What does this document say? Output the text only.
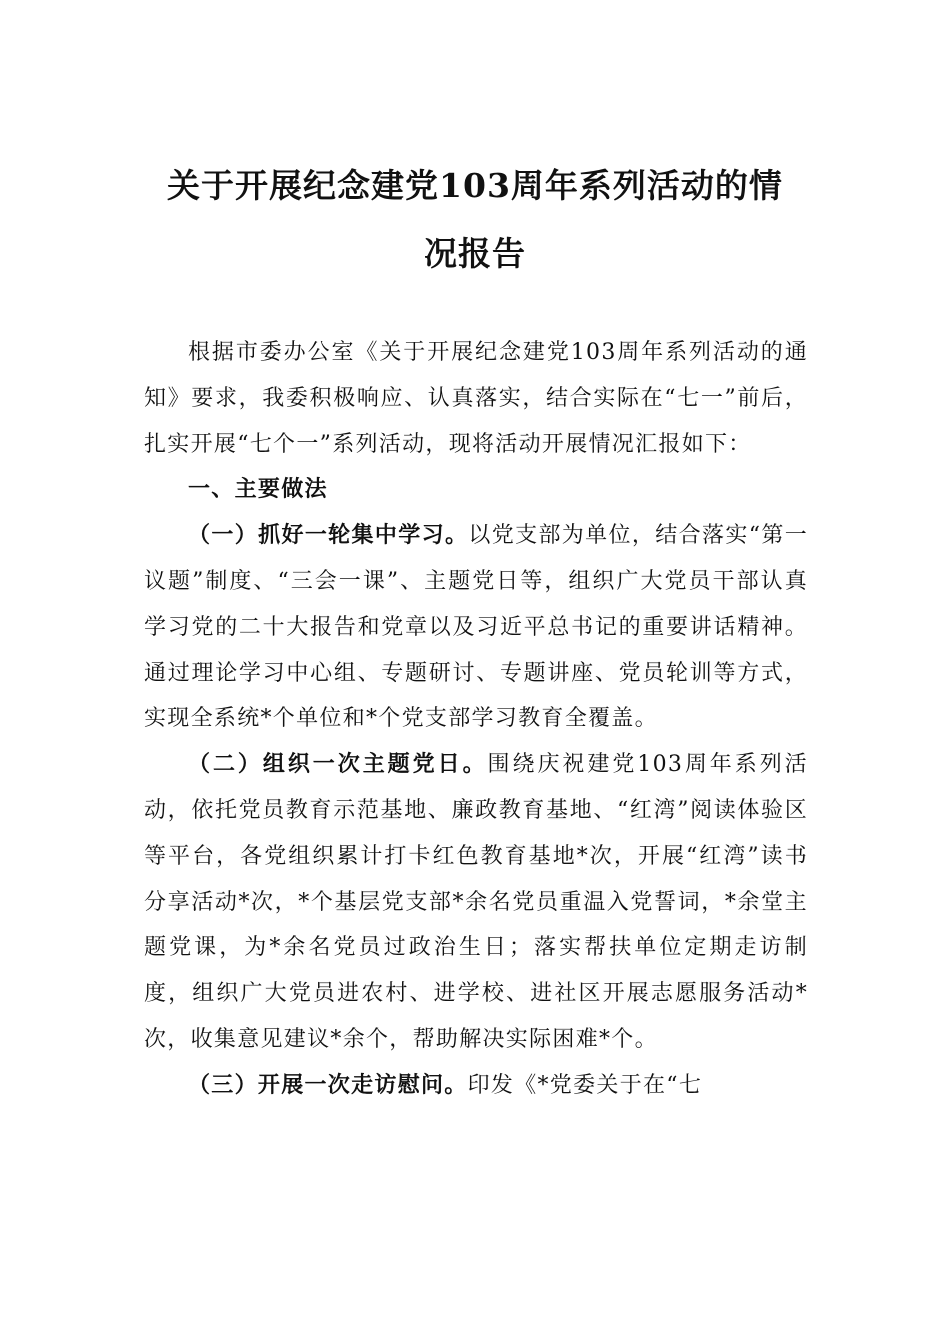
关于开展纪念建党103周年系列活动的情
况报告

根据市委办公室《关于开展纪念建党103周年系列活动的通知》要求，我委积极响应、认真落实，结合实际在“七一”前后，扎实开展“七个一”系列活动，现将活动开展情况汇报如下：

一、主要做法

（一）抓好一轮集中学习。以党支部为单位，结合落实“第一议题”制度、“三会一课”、主题党日等，组织广大党员干部认真学习党的二十大报告和党章以及习近平总书记的重要讲话精神。通过理论学习中心组、专题研讨、专题讲座、党员轮训等方式，实现全系统*个单位和*个党支部学习教育全覆盖。

（二）组织一次主题党日。围绕庆祝建党103周年系列活动，依托党员教育示范基地、廉政教育基地、“红湾”阅读体验区等平台，各党组织累计打卡红色教育基地*次，开展“红湾”读书分享活动*次，*个基层党支部*余名党员重温入党誓词，*余堂主题党课，为*余名党员过政治生日；落实帮扶单位定期走访制度，组织广大党员进农村、进学校、进社区开展志愿服务活动*次，收集意见建议*余个，帮助解决实际困难*个。

（三）开展一次走访慰问。印发《*党委关于在“七
